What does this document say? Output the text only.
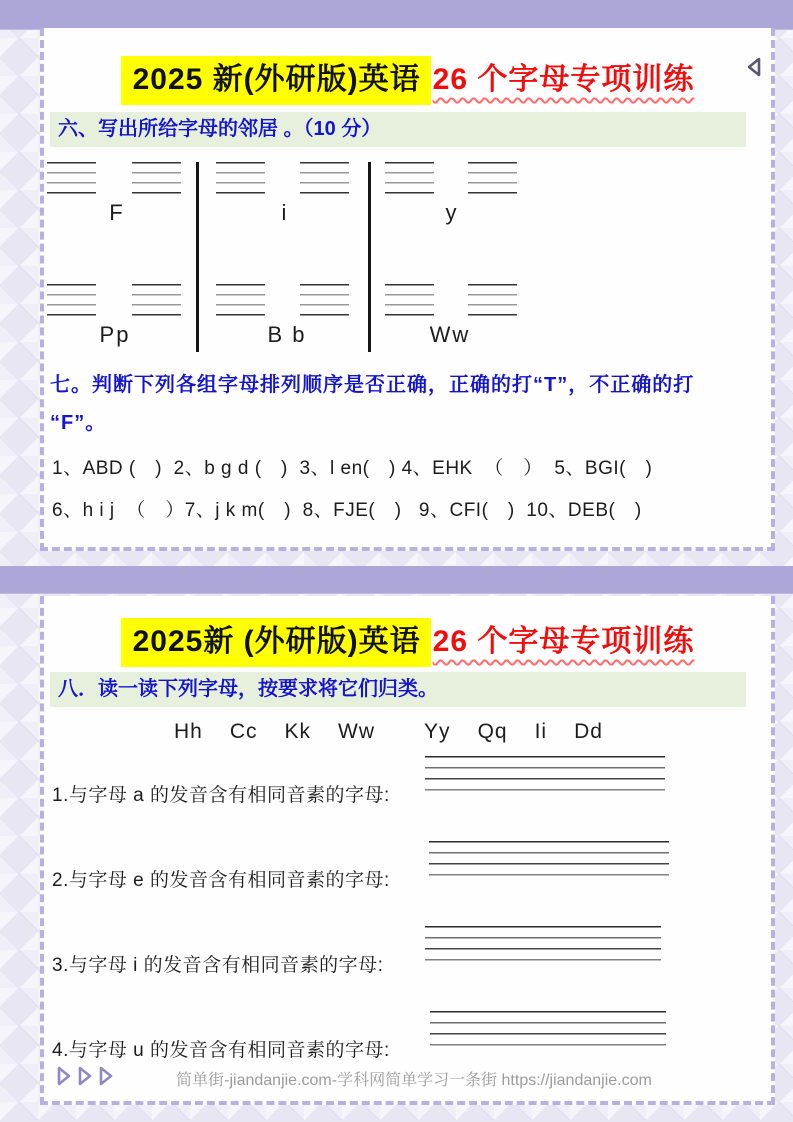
2025 新(外研版)英语 26 个字母专项训练
六、写出所给字母的邻居 。（10 分）
F	i	y
Pp	B b	Ww
七。判断下列各组字母排列顺序是否正确，正确的打“T”，不正确的打
“F”。
1、ABD (　)  2、b g d (　)  3、l en(　) 4、EHK  （　）  5、BGI(　)
6、h i j  （　）7、j k m(　)  8、FJE(　)   9、CFI(　)  10、DEB(　)
2025新 (外研版)英语 26 个字母专项训练
八．读一读下列字母，按要求将它们归类。
Hh Cc Kk Ww Yy Qq Ii Dd
1.与字母 a 的发音含有相同音素的字母:
2.与字母 e 的发音含有相同音素的字母:
3.与字母 i 的发音含有相同音素的字母:
4.与字母 u 的发音含有相同音素的字母:
简单街-jiandanjie.com-学科网简单学习一条街 https://jiandanjie.com
